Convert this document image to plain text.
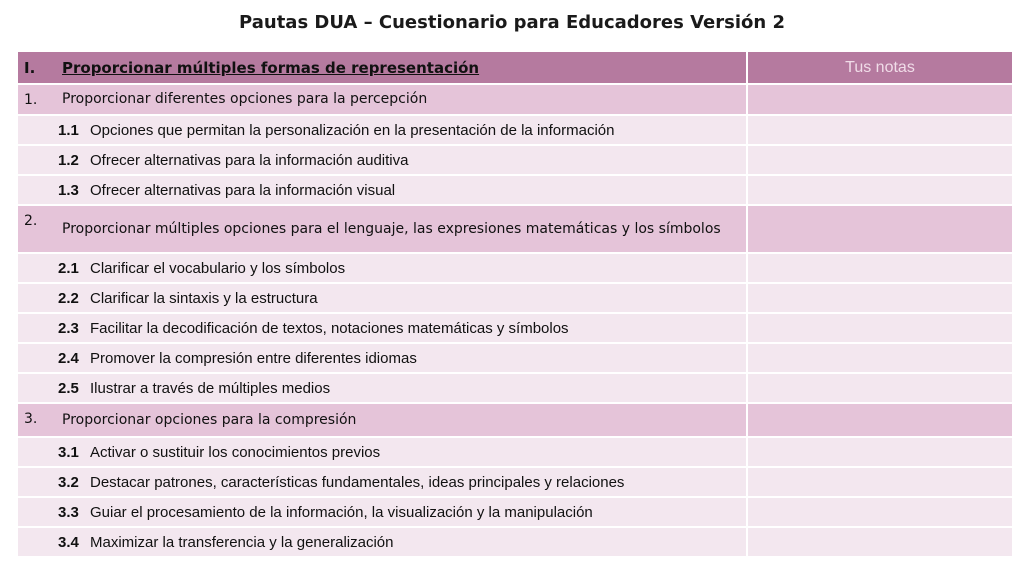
Pautas DUA – Cuestionario para Educadores Versión 2
I.	Proporcionar múltiples formas de representación	Tus notas
1.	Proporcionar diferentes opciones para la percepción
1.1 Opciones que permitan la personalización en la presentación de la información
1.2 Ofrecer alternativas para la información auditiva
1.3 Ofrecer alternativas para la información visual
2.	Proporcionar múltiples opciones para el lenguaje, las expresiones matemáticas y los símbolos
2.1 Clarificar el vocabulario y los símbolos
2.2 Clarificar la sintaxis y la estructura
2.3 Facilitar la decodificación de textos, notaciones matemáticas y símbolos
2.4 Promover la compresión entre diferentes idiomas
2.5 Ilustrar a través de múltiples medios
3.	Proporcionar opciones para la compresión
3.1 Activar o sustituir los conocimientos previos
3.2 Destacar patrones, características fundamentales, ideas principales y relaciones
3.3 Guiar el procesamiento de la información, la visualización y la manipulación
3.4 Maximizar la transferencia y la generalización
